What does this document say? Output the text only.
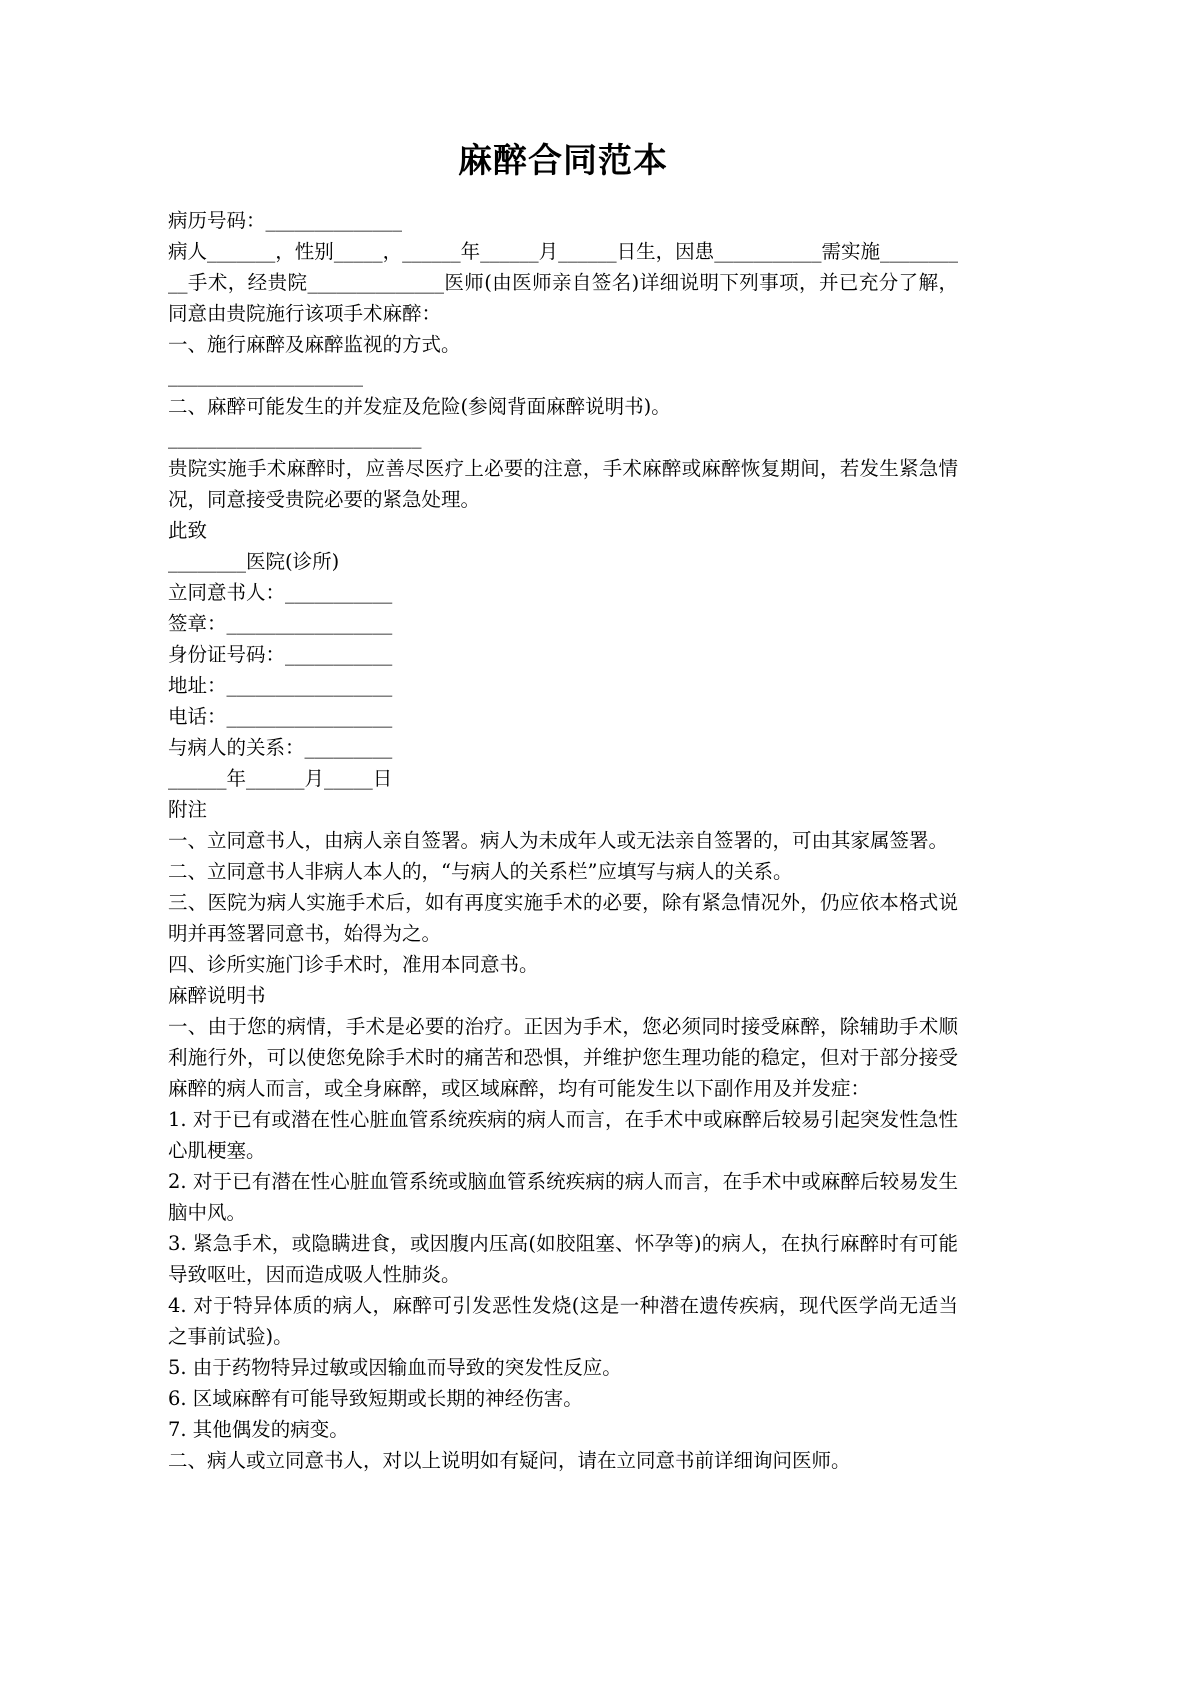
麻醉合同范本

病历号码：______________

病人_______，性别_____，______年______月______日生，因患___________需实施__________手术，经贵院______________医师(由医师亲自签名)详细说明下列事项，并已充分了解，同意由贵院施行该项手术麻醉：

一、施行麻醉及麻醉监视的方式。

____________________

二、麻醉可能发生的并发症及危险(参阅背面麻醉说明书)。

__________________________

贵院实施手术麻醉时，应善尽医疗上必要的注意，手术麻醉或麻醉恢复期间，若发生紧急情况，同意接受贵院必要的紧急处理。

此致

________医院(诊所)

立同意书人：___________

签章：_________________

身份证号码：___________

地址：_________________

电话：_________________

与病人的关系：_________

______年______月_____日

附注

一、立同意书人，由病人亲自签署。病人为未成年人或无法亲自签署的，可由其家属签署。

二、立同意书人非病人本人的，“与病人的关系栏”应填写与病人的关系。

三、医院为病人实施手术后，如有再度实施手术的必要，除有紧急情况外，仍应依本格式说明并再签署同意书，始得为之。

四、诊所实施门诊手术时，准用本同意书。

麻醉说明书

一、由于您的病情，手术是必要的治疗。正因为手术，您必须同时接受麻醉，除辅助手术顺利施行外，可以使您免除手术时的痛苦和恐惧，并维护您生理功能的稳定，但对于部分接受麻醉的病人而言，或全身麻醉，或区域麻醉，均有可能发生以下副作用及并发症：

1. 对于已有或潜在性心脏血管系统疾病的病人而言，在手术中或麻醉后较易引起突发性急性心肌梗塞。

2. 对于已有潜在性心脏血管系统或脑血管系统疾病的病人而言，在手术中或麻醉后较易发生脑中风。

3. 紧急手术，或隐瞒进食，或因腹内压高(如胶阻塞、怀孕等)的病人，在执行麻醉时有可能导致呕吐，因而造成吸人性肺炎。

4. 对于特异体质的病人，麻醉可引发恶性发烧(这是一种潜在遗传疾病，现代医学尚无适当之事前试验)。

5. 由于药物特异过敏或因输血而导致的突发性反应。

6. 区域麻醉有可能导致短期或长期的神经伤害。

7. 其他偶发的病变。

二、病人或立同意书人，对以上说明如有疑问，请在立同意书前详细询问医师。
